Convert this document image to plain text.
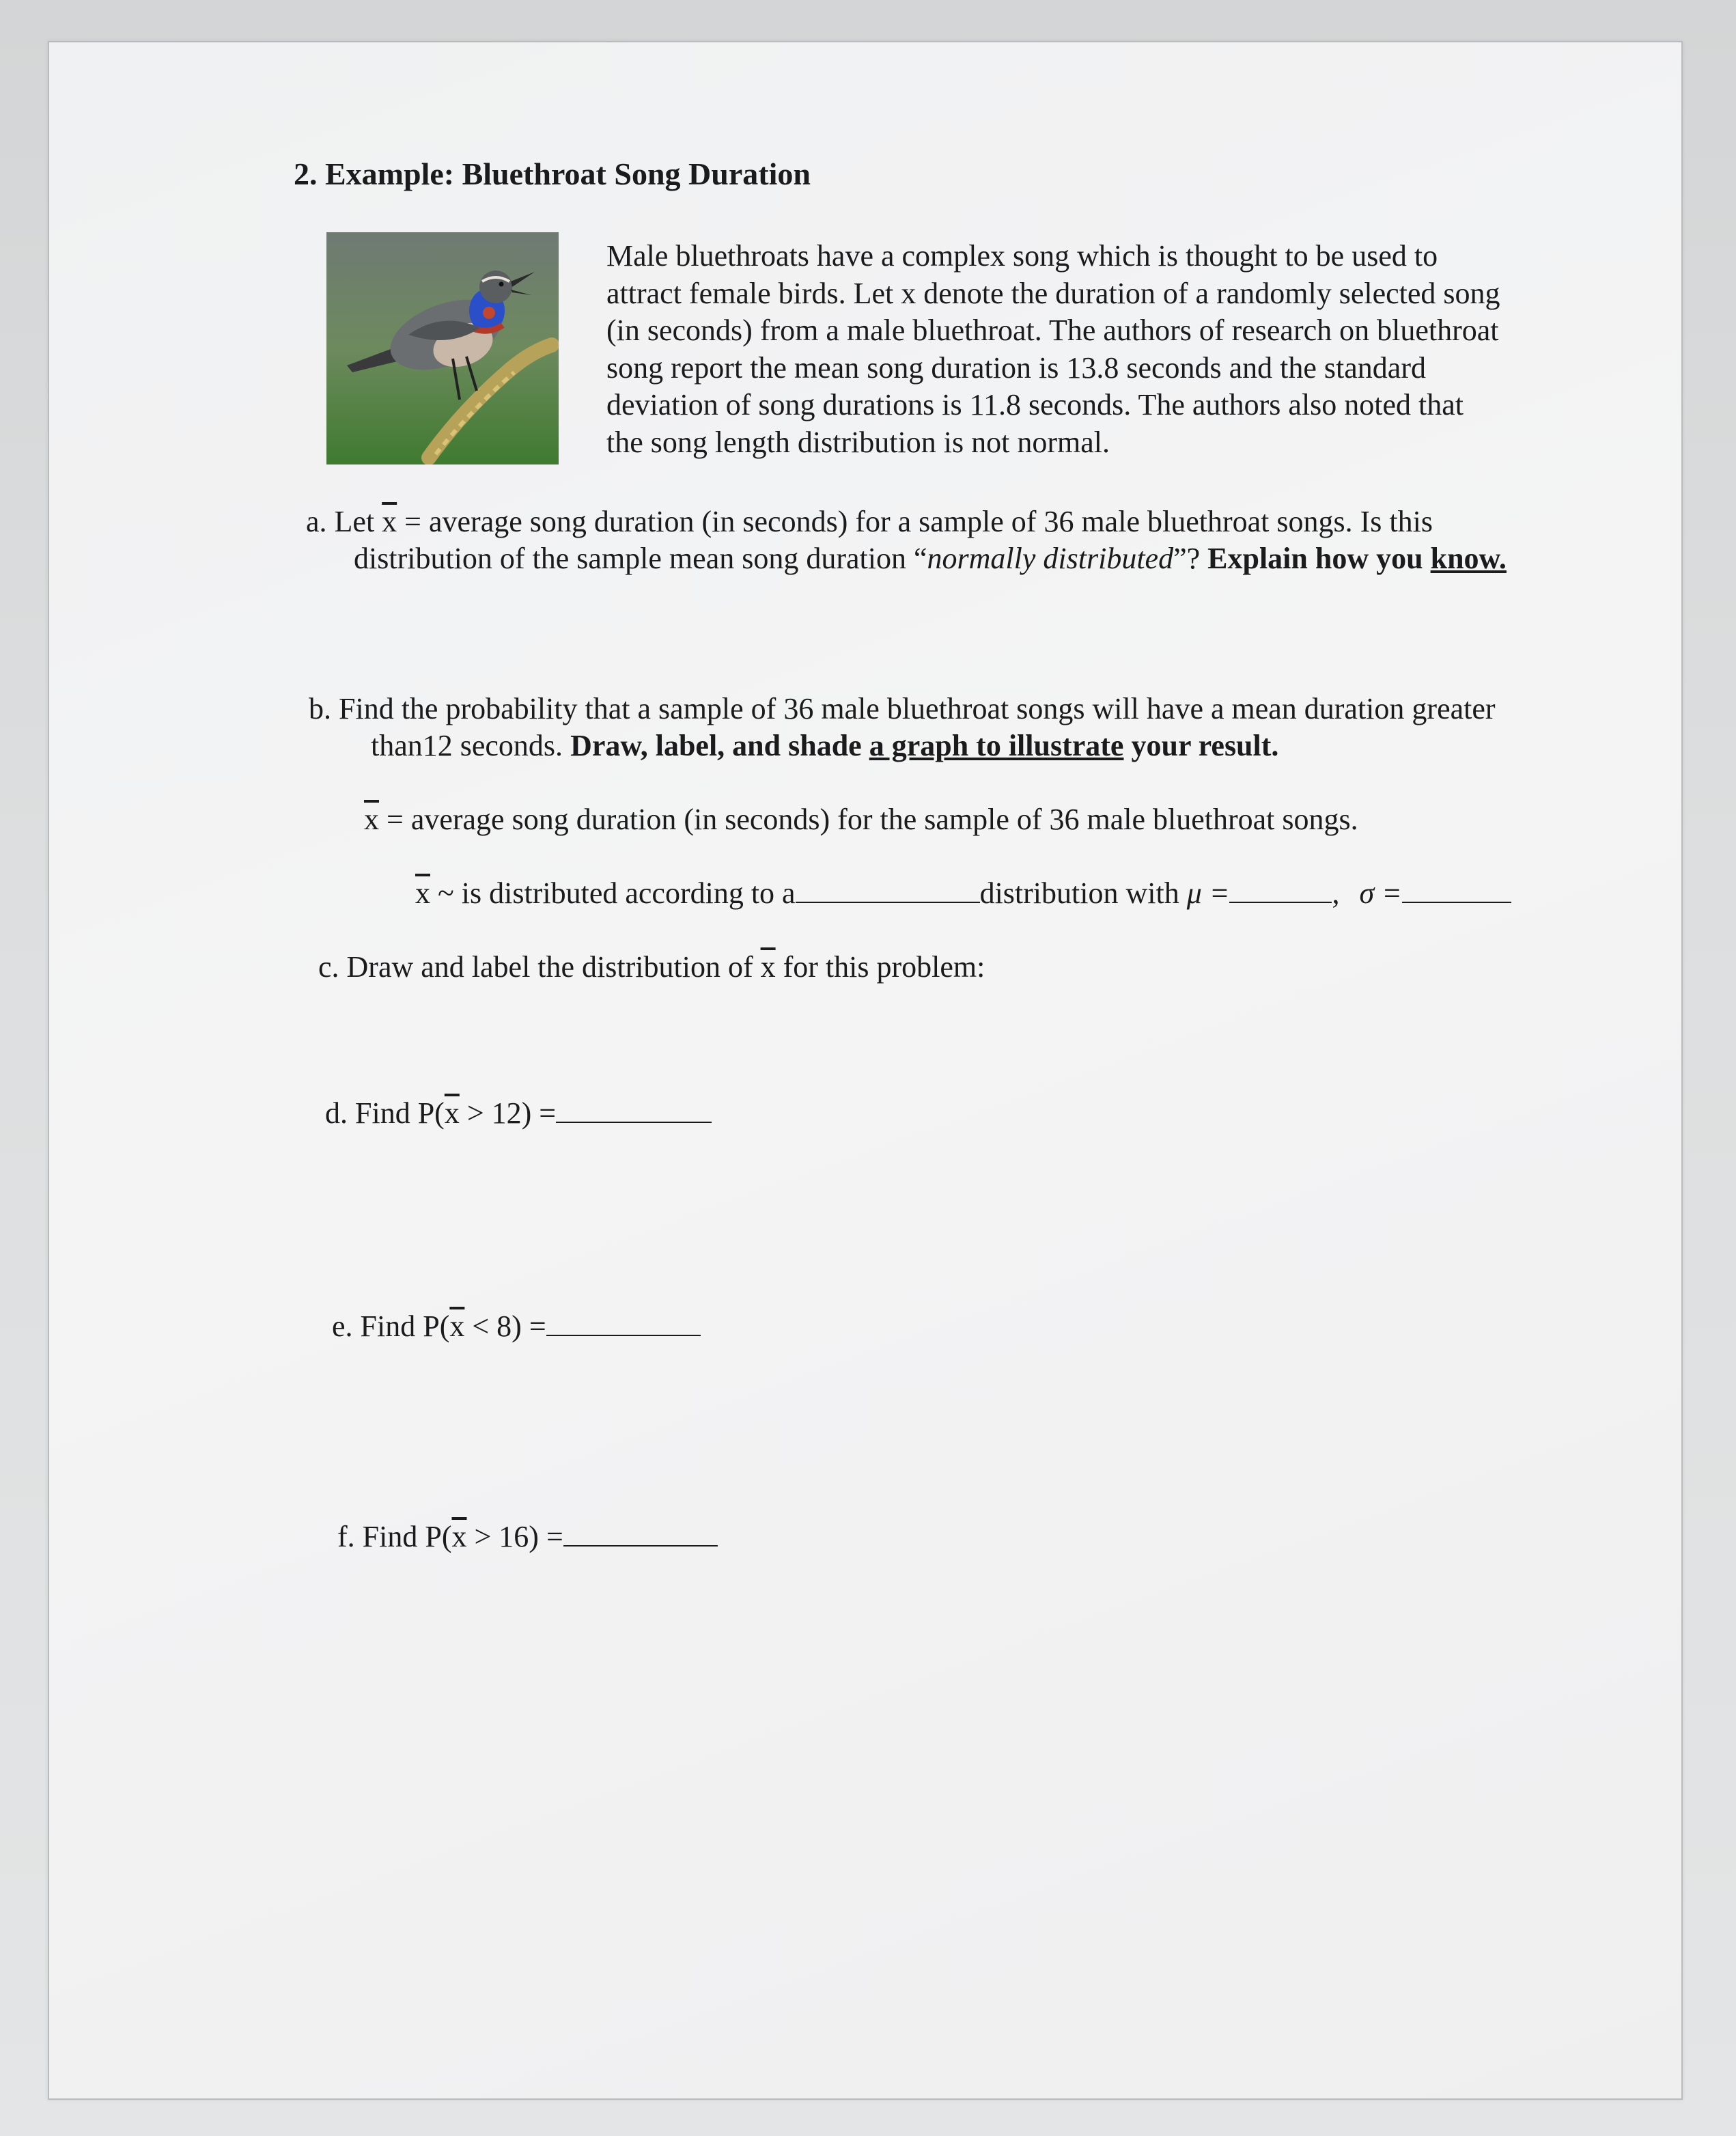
2. Example: Bluethroat Song Duration
Male bluethroats have a complex song which is thought to be used to
attract female birds. Let x denote the duration of a randomly selected song
(in seconds) from a male bluethroat. The authors of research on bluethroat
song report the mean song duration is 13.8 seconds and the standard
deviation of song durations is 11.8 seconds. The authors also noted that
the song length distribution is not normal.
a. Let $\overline{x}$ = average song duration (in seconds) for a sample of 36 male bluethroat songs. Is this
distribution of the sample mean song duration “normally distributed”? Explain how you know.
b. Find the probability that a sample of 36 male bluethroat songs will have a mean duration greater
than12 seconds. Draw, label, and shade a graph to illustrate your result.
$\overline{x}$ = average song duration (in seconds) for the sample of 36 male bluethroat songs.
$\overline{x}$ ~ is distributed according to a	distribution with μ =	, σ =
c. Draw and label the distribution of $\overline{x}$ for this problem:
d. Find $P(\overline{x} > 12)$ =
e. Find $P(\overline{x} < 8)$ =
f. Find $P(\overline{x} > 16)$ =
